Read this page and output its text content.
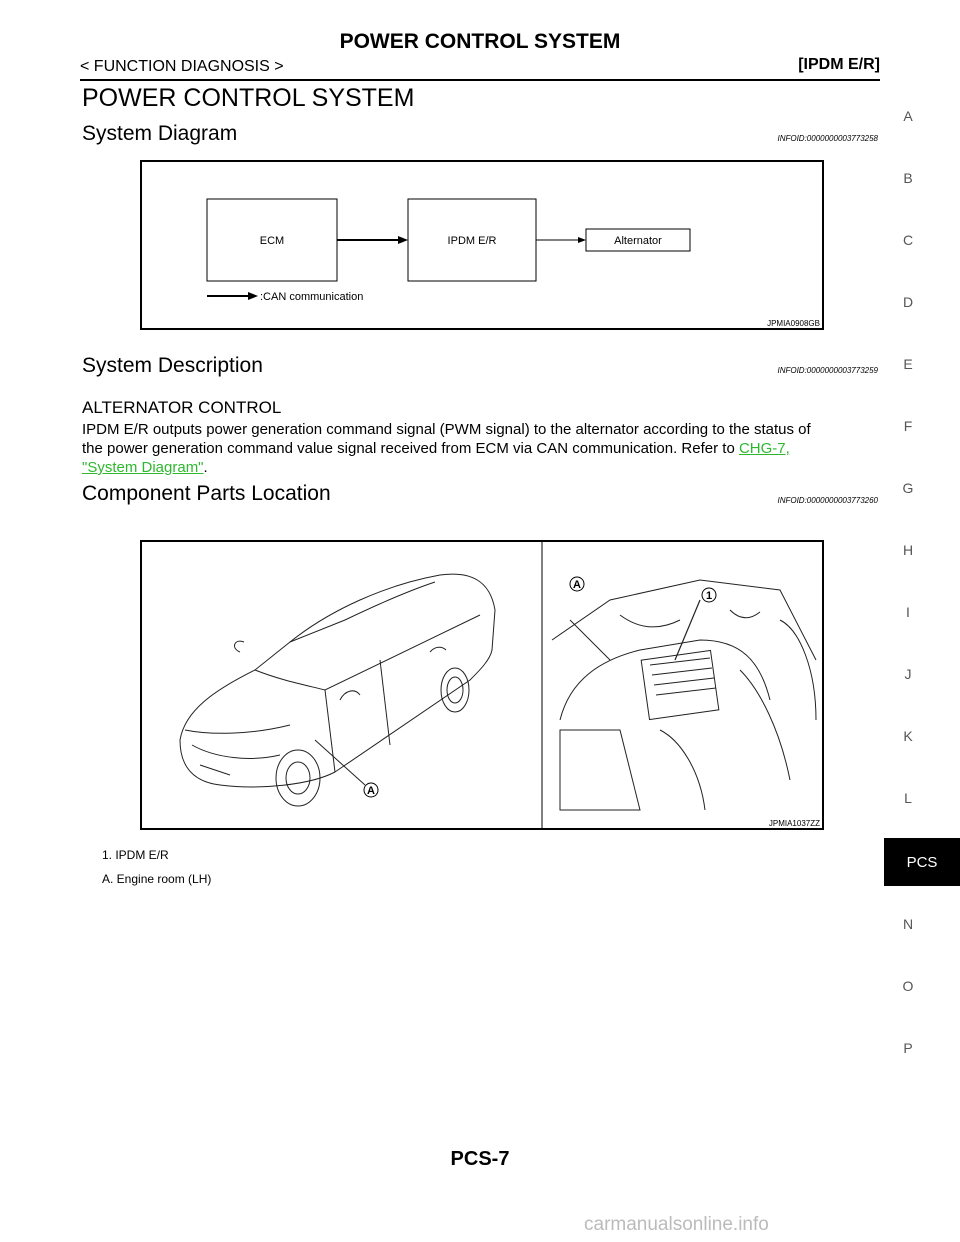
POWER CONTROL SYSTEM
< FUNCTION DIAGNOSIS >	[IPDM E/R]
POWER CONTROL SYSTEM
System Diagram	INFOID:0000000003773258
ECM	IPDM E/R	Alternator
:CAN communication
JPMIA0908GB
System Description	INFOID:0000000003773259
ALTERNATOR CONTROL
IPDM E/R outputs power generation command signal (PWM signal) to the alternator according to the status of
the power generation command value signal received from ECM via CAN communication. Refer to CHG-7,
"System Diagram".
Component Parts Location	INFOID:0000000003773260
A
A
1
JPMIA1037ZZ
1. IPDM E/R
A. Engine room (LH)
A
B
C
D
E
F
G
H
I
J
K
L
PCS
N
O
P
PCS-7
carmanualsonline.info
